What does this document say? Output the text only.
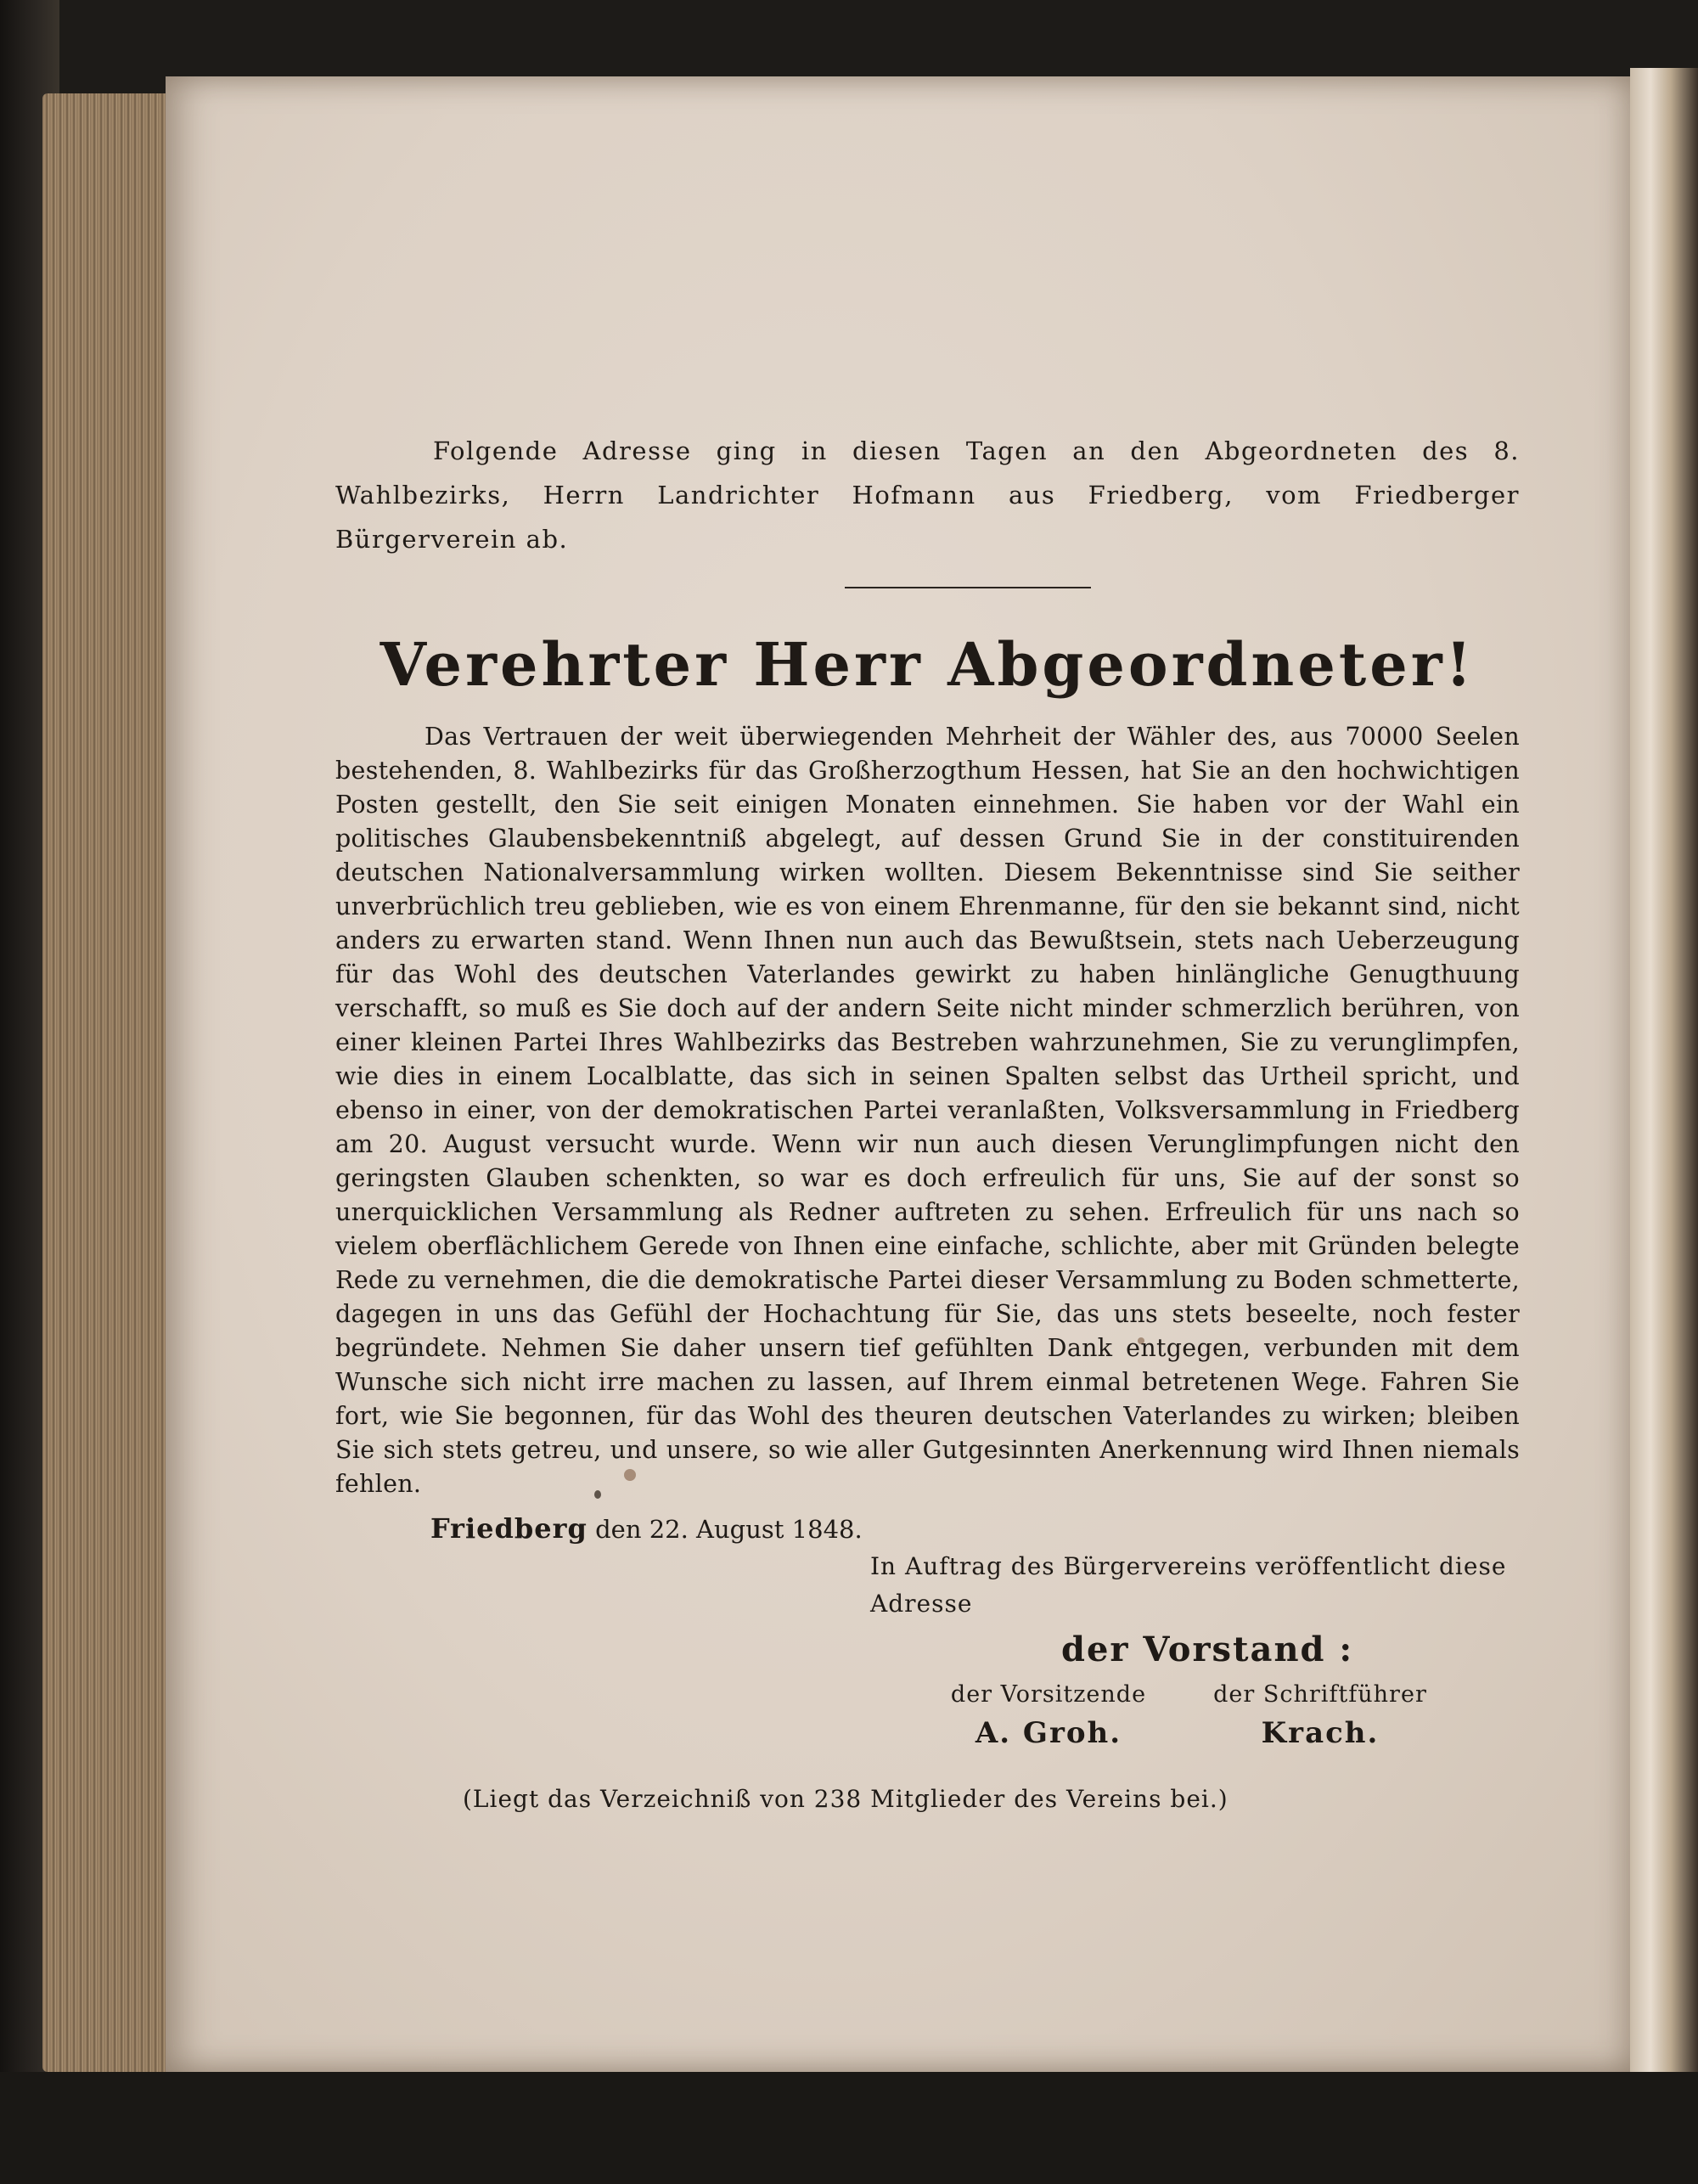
Folgende Adresse ging in diesen Tagen an den Abgeordneten des 8. Wahlbezirks, Herrn Landrichter Hofmann aus Friedberg, vom Friedberger Bürgerverein ab.

Verehrter Herr Abgeordneter!

Das Vertrauen der weit überwiegenden Mehrheit der Wähler des, aus 70000 Seelen bestehenden, 8. Wahlbezirks für das Großherzogthum Hessen, hat Sie an den hochwichtigen Posten gestellt, den Sie seit einigen Monaten einnehmen. Sie haben vor der Wahl ein politisches Glaubensbekenntniß abgelegt, auf dessen Grund Sie in der constituirenden deutschen Nationalversammlung wirken wollten. Diesem Bekenntnisse sind Sie seither unverbrüchlich treu geblieben, wie es von einem Ehrenmanne, für den sie bekannt sind, nicht anders zu erwarten stand. Wenn Ihnen nun auch das Bewußtsein, stets nach Ueberzeugung für das Wohl des deutschen Vaterlandes gewirkt zu haben hinlängliche Genugthuung verschafft, so muß es Sie doch auf der andern Seite nicht minder schmerzlich berühren, von einer kleinen Partei Ihres Wahlbezirks das Bestreben wahrzunehmen, Sie zu verunglimpfen, wie dies in einem Localblatte, das sich in seinen Spalten selbst das Urtheil spricht, und ebenso in einer, von der demokratischen Partei veranlaßten, Volksversammlung in Friedberg am 20. August versucht wurde. Wenn wir nun auch diesen Verunglimpfungen nicht den geringsten Glauben schenkten, so war es doch erfreulich für uns, Sie auf der sonst so unerquicklichen Versammlung als Redner auftreten zu sehen. Erfreulich für uns nach so vielem oberflächlichem Gerede von Ihnen eine einfache, schlichte, aber mit Gründen belegte Rede zu vernehmen, die die demokratische Partei dieser Versammlung zu Boden schmetterte, dagegen in uns das Gefühl der Hochachtung für Sie, das uns stets beseelte, noch fester begründete. Nehmen Sie daher unsern tief gefühlten Dank entgegen, verbunden mit dem Wunsche sich nicht irre machen zu lassen, auf Ihrem einmal betretenen Wege. Fahren Sie fort, wie Sie begonnen, für das Wohl des theuren deutschen Vaterlandes zu wirken; bleiben Sie sich stets getreu, und unsere, so wie aller Gutgesinnten Anerkennung wird Ihnen niemals fehlen.

Friedberg den 22. August 1848.
In Auftrag des Bürgervereins veröffentlicht diese Adresse
der Vorstand :
der Vorsitzende
A. Groh.
der Schriftführer
Krach.
(Liegt das Verzeichniß von 238 Mitglieder des Vereins bei.)
